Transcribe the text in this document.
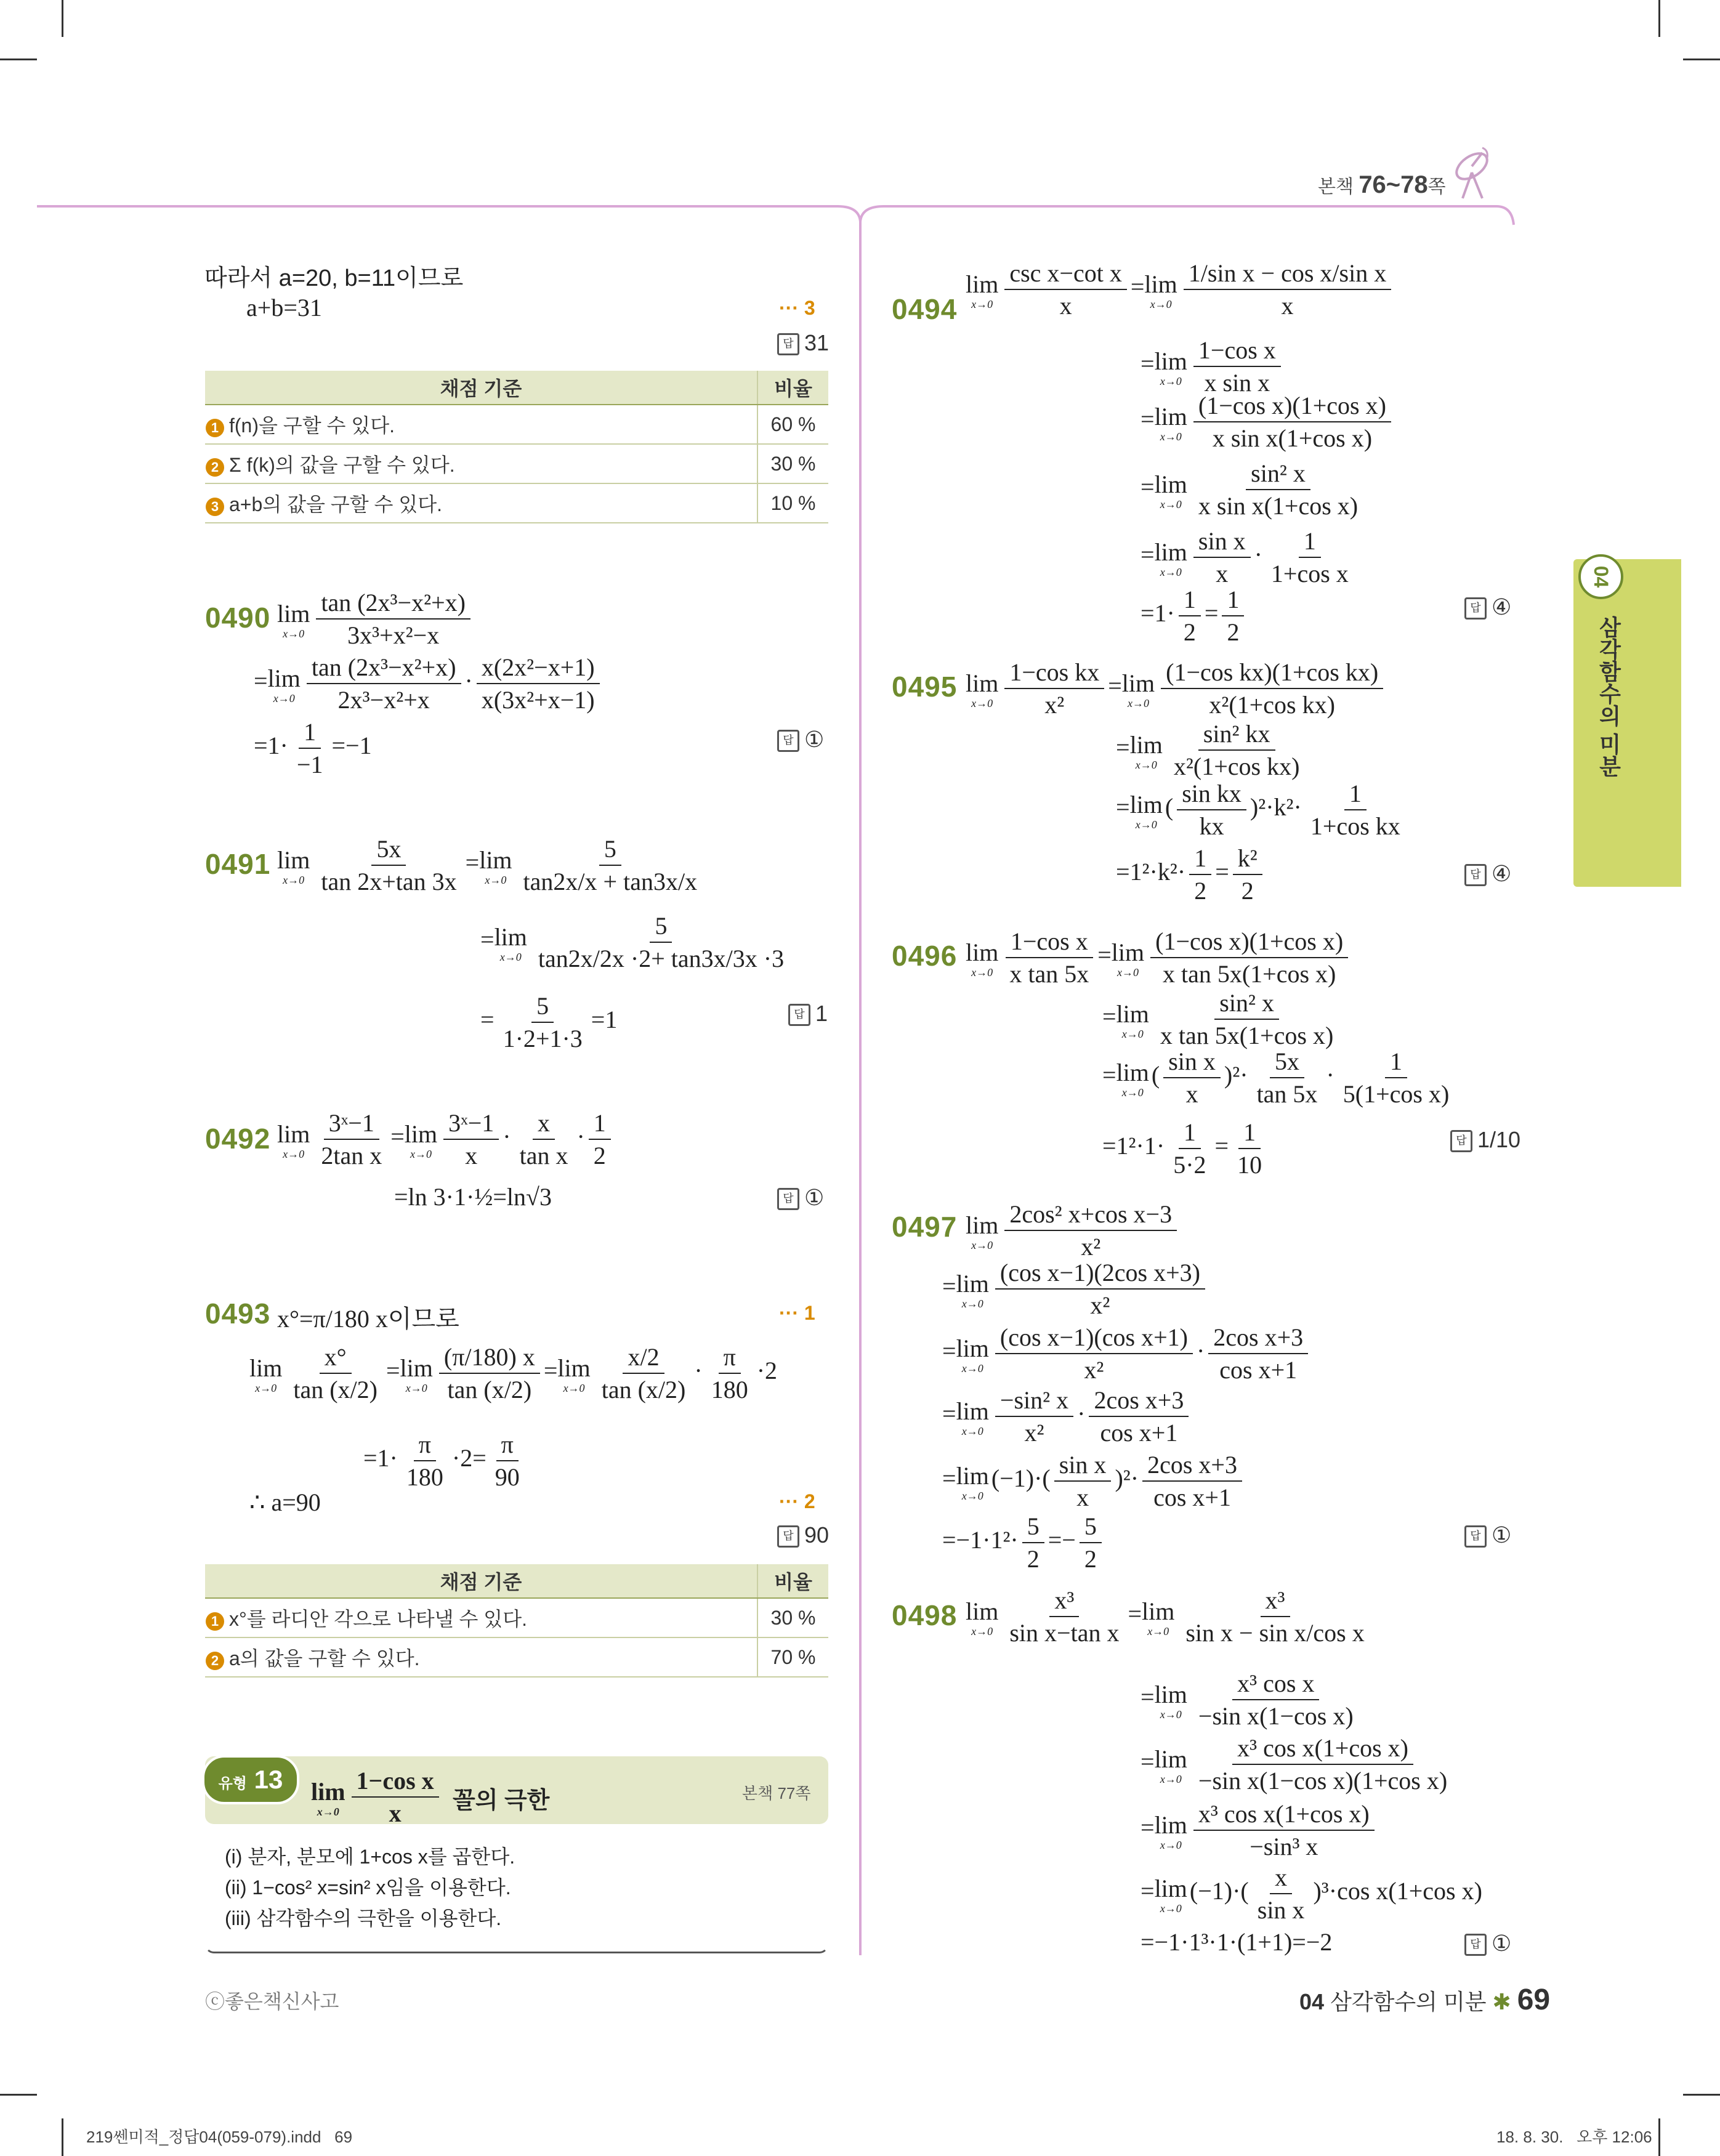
본책 76~78쪽
04
삼각함수의 미분
따라서 a=20, b=11이므로
a+b=31	··· 3
답 31
채점 기준	비율
1 f(n)을 구할 수 있다.	60 %
2 Σ f(k)의 값을 구할 수 있다.	30 %
3 a+b의 값을 구할 수 있다.	10 %
0490 lim
$x\to 0 \frac{\text{tan (2x³−x²+x)}}{\text{3x³+x²−x}}$
=lim
$x\to 0 \frac{\text{tan (2x³−x²+x)}}{\text{2x³−x²+x}} \cdot \frac{\text{x(2x²−x+1)}}{\text{x(3x²+x−1)}}$
$=1\cdot \frac{1}{-1} =-1$	답 ①
0491 lim
$x\to 0 \frac{5x}{\tan 2x+\tan 3x} =\lim$
$x\to 0 \frac{5}{\tan 2x/x + \tan 3x/x}$
=lim
$x\to 0 \frac{5}{\tan 2x/2x \cdot 2+ \tan 3x/3x \cdot 3}$
= $\frac{5}{1\cdot 2+1\cdot 3} =1$	답 1
0492 lim
$x\to 0 \frac{\text{3ˣ−1}}{\text{2tan x}} =\lim$
$x\to 0 \frac{\text{3ˣ−1}}{x} \cdot \frac{x}{\text{tan x}} \cdot \frac{1}{2}$
=ln 3·1·½=ln√3	답 ①
0493 x°=π/180 x이므로	··· 1
lim
$x\to 0 \frac{x^\circ}{\tan (x/2)} =\lim$
$x\to 0 \frac{(\pi/180) x}{\tan (x/2)} =\lim$
$x\to 0 \frac{x/2}{\tan (x/2)} \cdot \frac{\pi}{180} \cdot 2$
$=1\cdot \frac{\pi}{180} \cdot 2= \frac{\pi}{90}$
∴ a=90	··· 2
답 90
채점 기준	비율
1 x°를 라디안 각으로 나타낼 수 있다.	30 %
2 a의 값을 구할 수 있다.	70 %
유형 13	lim
$x\to 0 \frac{\text{1−cos x}}{x}$ 꼴의 극한	본책 77쪽
(i) 분자, 분모에 1+cos x를 곱한다.
(ii) 1−cos² x=sin² x임을 이용한다.
(iii) 삼각함수의 극한을 이용한다.
0494
lim
$x\to 0 \frac{\text{csc x−cot x}}{x} =\lim$
$x\to 0 \frac{\text{1/sin x − cos x/sin x}}{x}$
=lim
$x\to 0 \frac{\text{1−cos x}}{\text{x sin x}}$
=lim
$x\to 0 \frac{\text{(1−cos x)(1+cos x)}}{\text{x sin x(1+cos x)}}$
=lim
$x\to 0 \frac{\text{sin² x}}{\text{x sin x(1+cos x)}}$
=lim
$x\to 0 \frac{\text{sin x}}{x} \cdot \frac{1}{\text{1+cos x}}$
$=1\cdot \frac{1}{2} = \frac{1}{2}$	답 ④
0495 lim
$x\to 0 \frac{\text{1−cos kx}}{\text{x²}} =\lim$
$x\to 0 \frac{\text{(1−cos kx)(1+cos kx)}}{\text{x²(1+cos kx)}}$
=lim
$x\to 0 \frac{\text{sin² kx}}{\text{x²(1+cos kx)}}$
=lim
x→0
( $\frac{\text{sin kx}}{kx} )^2\cdot k^2\cdot \frac{1}{\text{1+cos kx}}$
$=1^2\cdot k^2\cdot \frac{1}{2} = \frac{\text{k²}}{2}$	답 ④
0496 lim
$x\to 0 \frac{\text{1−cos x}}{\text{x tan 5x}} =\lim$
$x\to 0 \frac{\text{(1−cos x)(1+cos x)}}{\text{x tan 5x(1+cos x)}}$
=lim
$x\to 0 \frac{\text{sin² x}}{\text{x tan 5x(1+cos x)}}$
=lim
x→0
( $\frac{\text{sin x}}{x} )^2\cdot \frac{5x}{\tan 5x} \cdot \frac{1}{\text{5(1+cos x)}}$
$=1^2\cdot 1\cdot \frac{1}{5\cdot 2} = \frac{1}{10}$	답 1/10
0497 lim
$x\to 0 \frac{\text{2cos² x+cos x−3}}{\text{x²}}$
=lim
$x\to 0 \frac{\text{(cos x−1)(2cos x+3)}}{\text{x²}}$
=lim
$x\to 0 \frac{\text{(cos x−1)(cos x+1)}}{\text{x²}} \cdot \frac{\text{2cos x+3}}{\text{cos x+1}}$
=lim
$x\to 0 \frac{\text{−sin² x}}{\text{x²}} \cdot \frac{\text{2cos x+3}}{\text{cos x+1}}$
=lim
x→0
$(-1)\cdot( \frac{\text{sin x}}{x} )^2\cdot \frac{\text{2cos x+3}}{\text{cos x+1}}$
$=-1\cdot 1^2\cdot \frac{5}{2} =- \frac{5}{2}$	답 ①
0498 lim
$x\to 0 \frac{\text{x³}}{\text{sin x−tan x}} =\lim$
$x\to 0 \frac{\text{x³}}{\text{sin x − sin x/cos x}}$
=lim
$x\to 0 \frac{\text{x³ cos x}}{\text{−sin x(1−cos x)}}$
=lim
$x\to 0 \frac{\text{x³ cos x(1+cos x)}}{\text{−sin x(1−cos x)(1+cos x)}}$
=lim
$x\to 0 \frac{\text{x³ cos x(1+cos x)}}{\text{−sin³ x}}$
=lim
x→0
$(-1)\cdot( \frac{x}{\text{sin x}} )^3\cdot\cos$ x(1+cos x)
=−1·1³·1·(1+1)=−2	답 ①
ⓒ좋은책신사고	04 삼각함수의 미분 ✱ 69
219쎈미적_정답04(059-079).indd   69	18. 8. 30.   오후 12:06
